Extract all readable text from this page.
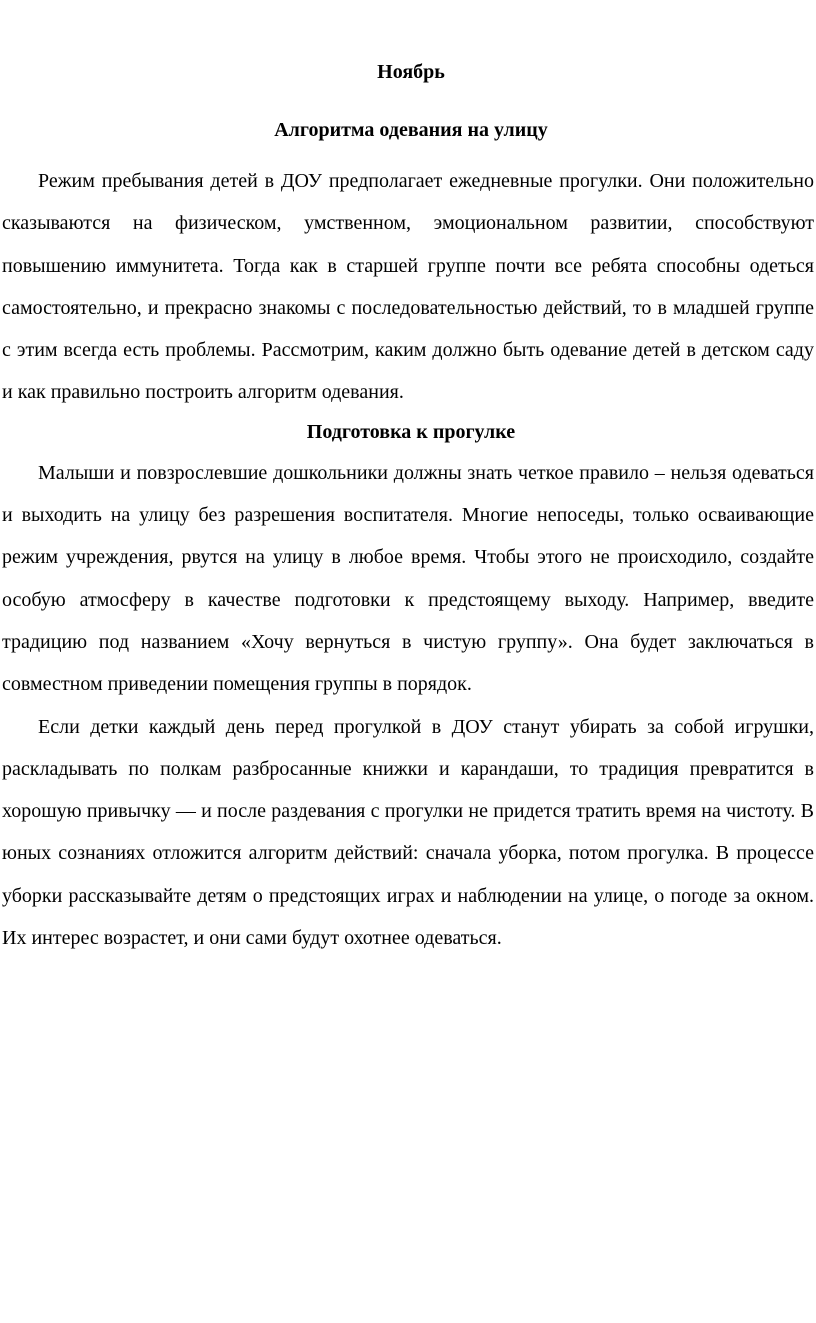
Ноябрь
Алгоритма одевания на улицу

Режим пребывания детей в ДОУ предполагает ежедневные прогулки. Они положительно сказываются на физическом, умственном, эмоциональном развитии, способствуют повышению иммунитета. Тогда как в старшей группе почти все ребята способны одеться самостоятельно, и прекрасно знакомы с последовательностью действий, то в младшей группе с этим всегда есть проблемы. Рассмотрим, каким должно быть одевание детей в детском саду и как правильно построить алгоритм одевания.

Подготовка к прогулке

Малыши и повзрослевшие дошкольники должны знать четкое правило – нельзя одеваться и выходить на улицу без разрешения воспитателя. Многие непоседы, только осваивающие режим учреждения, рвутся на улицу в любое время. Чтобы этого не происходило, создайте особую атмосферу в качестве подготовки к предстоящему выходу. Например, введите традицию под названием «Хочу вернуться в чистую группу». Она будет заключаться в совместном приведении помещения группы в порядок.

Если детки каждый день перед прогулкой в ДОУ станут убирать за собой игрушки, раскладывать по полкам разбросанные книжки и карандаши, то традиция превратится в хорошую привычку — и после раздевания с прогулки не придется тратить время на чистоту. В юных сознаниях отложится алгоритм действий: сначала уборка, потом прогулка. В процессе уборки рассказывайте детям о предстоящих играх и наблюдении на улице, о погоде за окном. Их интерес возрастет, и они сами будут охотнее одеваться.
